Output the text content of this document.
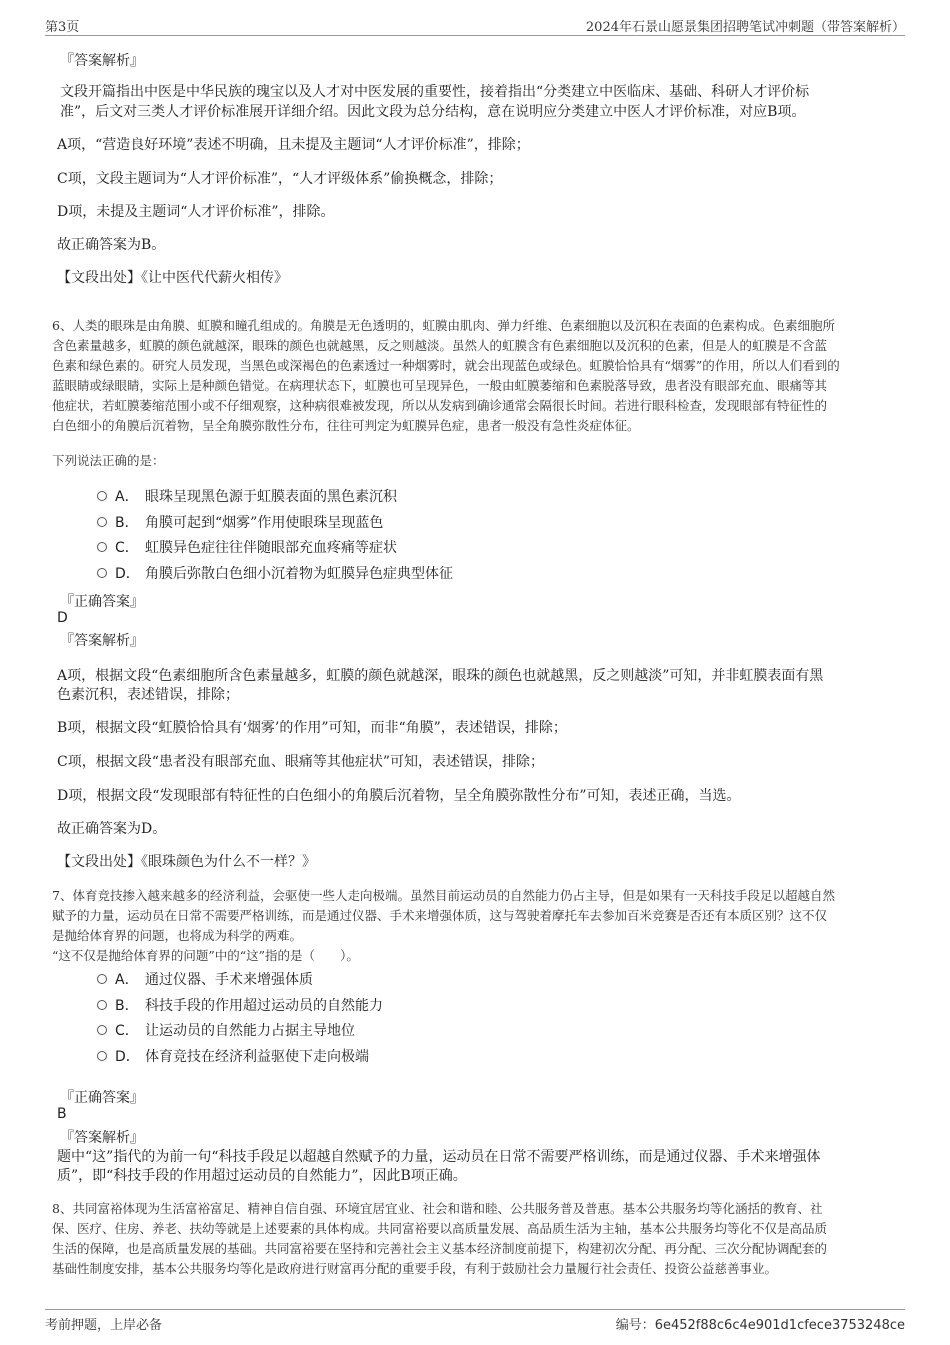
第3页	2024年石景山愿景集团招聘笔试冲刺题（带答案解析）
『答案解析』
文段开篇指出中医是中华民族的瑰宝以及人才对中医发展的重要性，接着指出“分类建立中医临床、基础、科研人才评价标
准”，后文对三类人才评价标准展开详细介绍。因此文段为总分结构，意在说明应分类建立中医人才评价标准，对应B项。
A项，“营造良好环境”表述不明确，且未提及主题词“人才评价标准”，排除；
C项，文段主题词为“人才评价标准”，“人才评级体系”偷换概念，排除；
D项，未提及主题词“人才评价标准”，排除。
故正确答案为B。
【文段出处】《让中医代代薪火相传》
6、人类的眼珠是由角膜、虹膜和瞳孔组成的。角膜是无色透明的，虹膜由肌肉、弹力纤维、色素细胞以及沉积在表面的色素构成。色素细胞所
含色素量越多，虹膜的颜色就越深，眼珠的颜色也就越黑，反之则越淡。虽然人的虹膜含有色素细胞以及沉积的色素，但是人的虹膜是不含蓝
色素和绿色素的。研究人员发现，当黑色或深褐色的色素透过一种烟雾时，就会出现蓝色或绿色。虹膜恰恰具有“烟雾”的作用，所以人们看到的
蓝眼睛或绿眼睛，实际上是种颜色错觉。在病理状态下，虹膜也可呈现异色，一般由虹膜萎缩和色素脱落导致，患者没有眼部充血、眼痛等其
他症状，若虹膜萎缩范围小或不仔细观察，这种病很难被发现，所以从发病到确诊通常会隔很长时间。若进行眼科检查，发现眼部有特征性的
白色细小的角膜后沉着物，呈全角膜弥散性分布，往往可判定为虹膜异色症，患者一般没有急性炎症体征。
下列说法正确的是：
A． 眼珠呈现黑色源于虹膜表面的黑色素沉积
B． 角膜可起到“烟雾”作用使眼珠呈现蓝色
C． 虹膜异色症往往伴随眼部充血疼痛等症状
D． 角膜后弥散白色细小沉着物为虹膜异色症典型体征
『正确答案』
D
『答案解析』
A项，根据文段“色素细胞所含色素量越多，虹膜的颜色就越深，眼珠的颜色也就越黑，反之则越淡”可知，并非虹膜表面有黑
色素沉积，表述错误，排除；
B项，根据文段“虹膜恰恰具有‘烟雾’的作用”可知，而非“角膜”，表述错误，排除；
C项，根据文段“患者没有眼部充血、眼痛等其他症状”可知，表述错误，排除；
D项，根据文段“发现眼部有特征性的白色细小的角膜后沉着物，呈全角膜弥散性分布”可知，表述正确，当选。
故正确答案为D。
【文段出处】《眼珠颜色为什么不一样？》
7、体育竞技掺入越来越多的经济利益，会驱使一些人走向极端。虽然目前运动员的自然能力仍占主导，但是如果有一天科技手段足以超越自然
赋予的力量，运动员在日常不需要严格训练，而是通过仪器、手术来增强体质，这与驾驶着摩托车去参加百米竞赛是否还有本质区别？这不仅
是抛给体育界的问题，也将成为科学的两难。
“这不仅是抛给体育界的问题”中的“这”指的是（　　）。
A． 通过仪器、手术来增强体质
B． 科技手段的作用超过运动员的自然能力
C． 让运动员的自然能力占据主导地位
D． 体育竞技在经济利益驱使下走向极端
『正确答案』
B
『答案解析』
题中“这”指代的为前一句“科技手段足以超越自然赋予的力量，运动员在日常不需要严格训练，而是通过仪器、手术来增强体
质”，即“科技手段的作用超过运动员的自然能力”，因此B项正确。
8、共同富裕体现为生活富裕富足、精神自信自强、环境宜居宜业、社会和谐和睦、公共服务普及普惠。基本公共服务均等化涵括的教育、社
保、医疗、住房、养老、扶幼等就是上述要素的具体构成。共同富裕要以高质量发展、高品质生活为主轴，基本公共服务均等化不仅是高品质
生活的保障，也是高质量发展的基础。共同富裕要在坚持和完善社会主义基本经济制度前提下，构建初次分配、再分配、三次分配协调配套的
基础性制度安排，基本公共服务均等化是政府进行财富再分配的重要手段，有利于鼓励社会力量履行社会责任、投资公益慈善事业。
考前押题，上岸必备	编号：6e452f88c6c4e901d1cfece3753248ce
